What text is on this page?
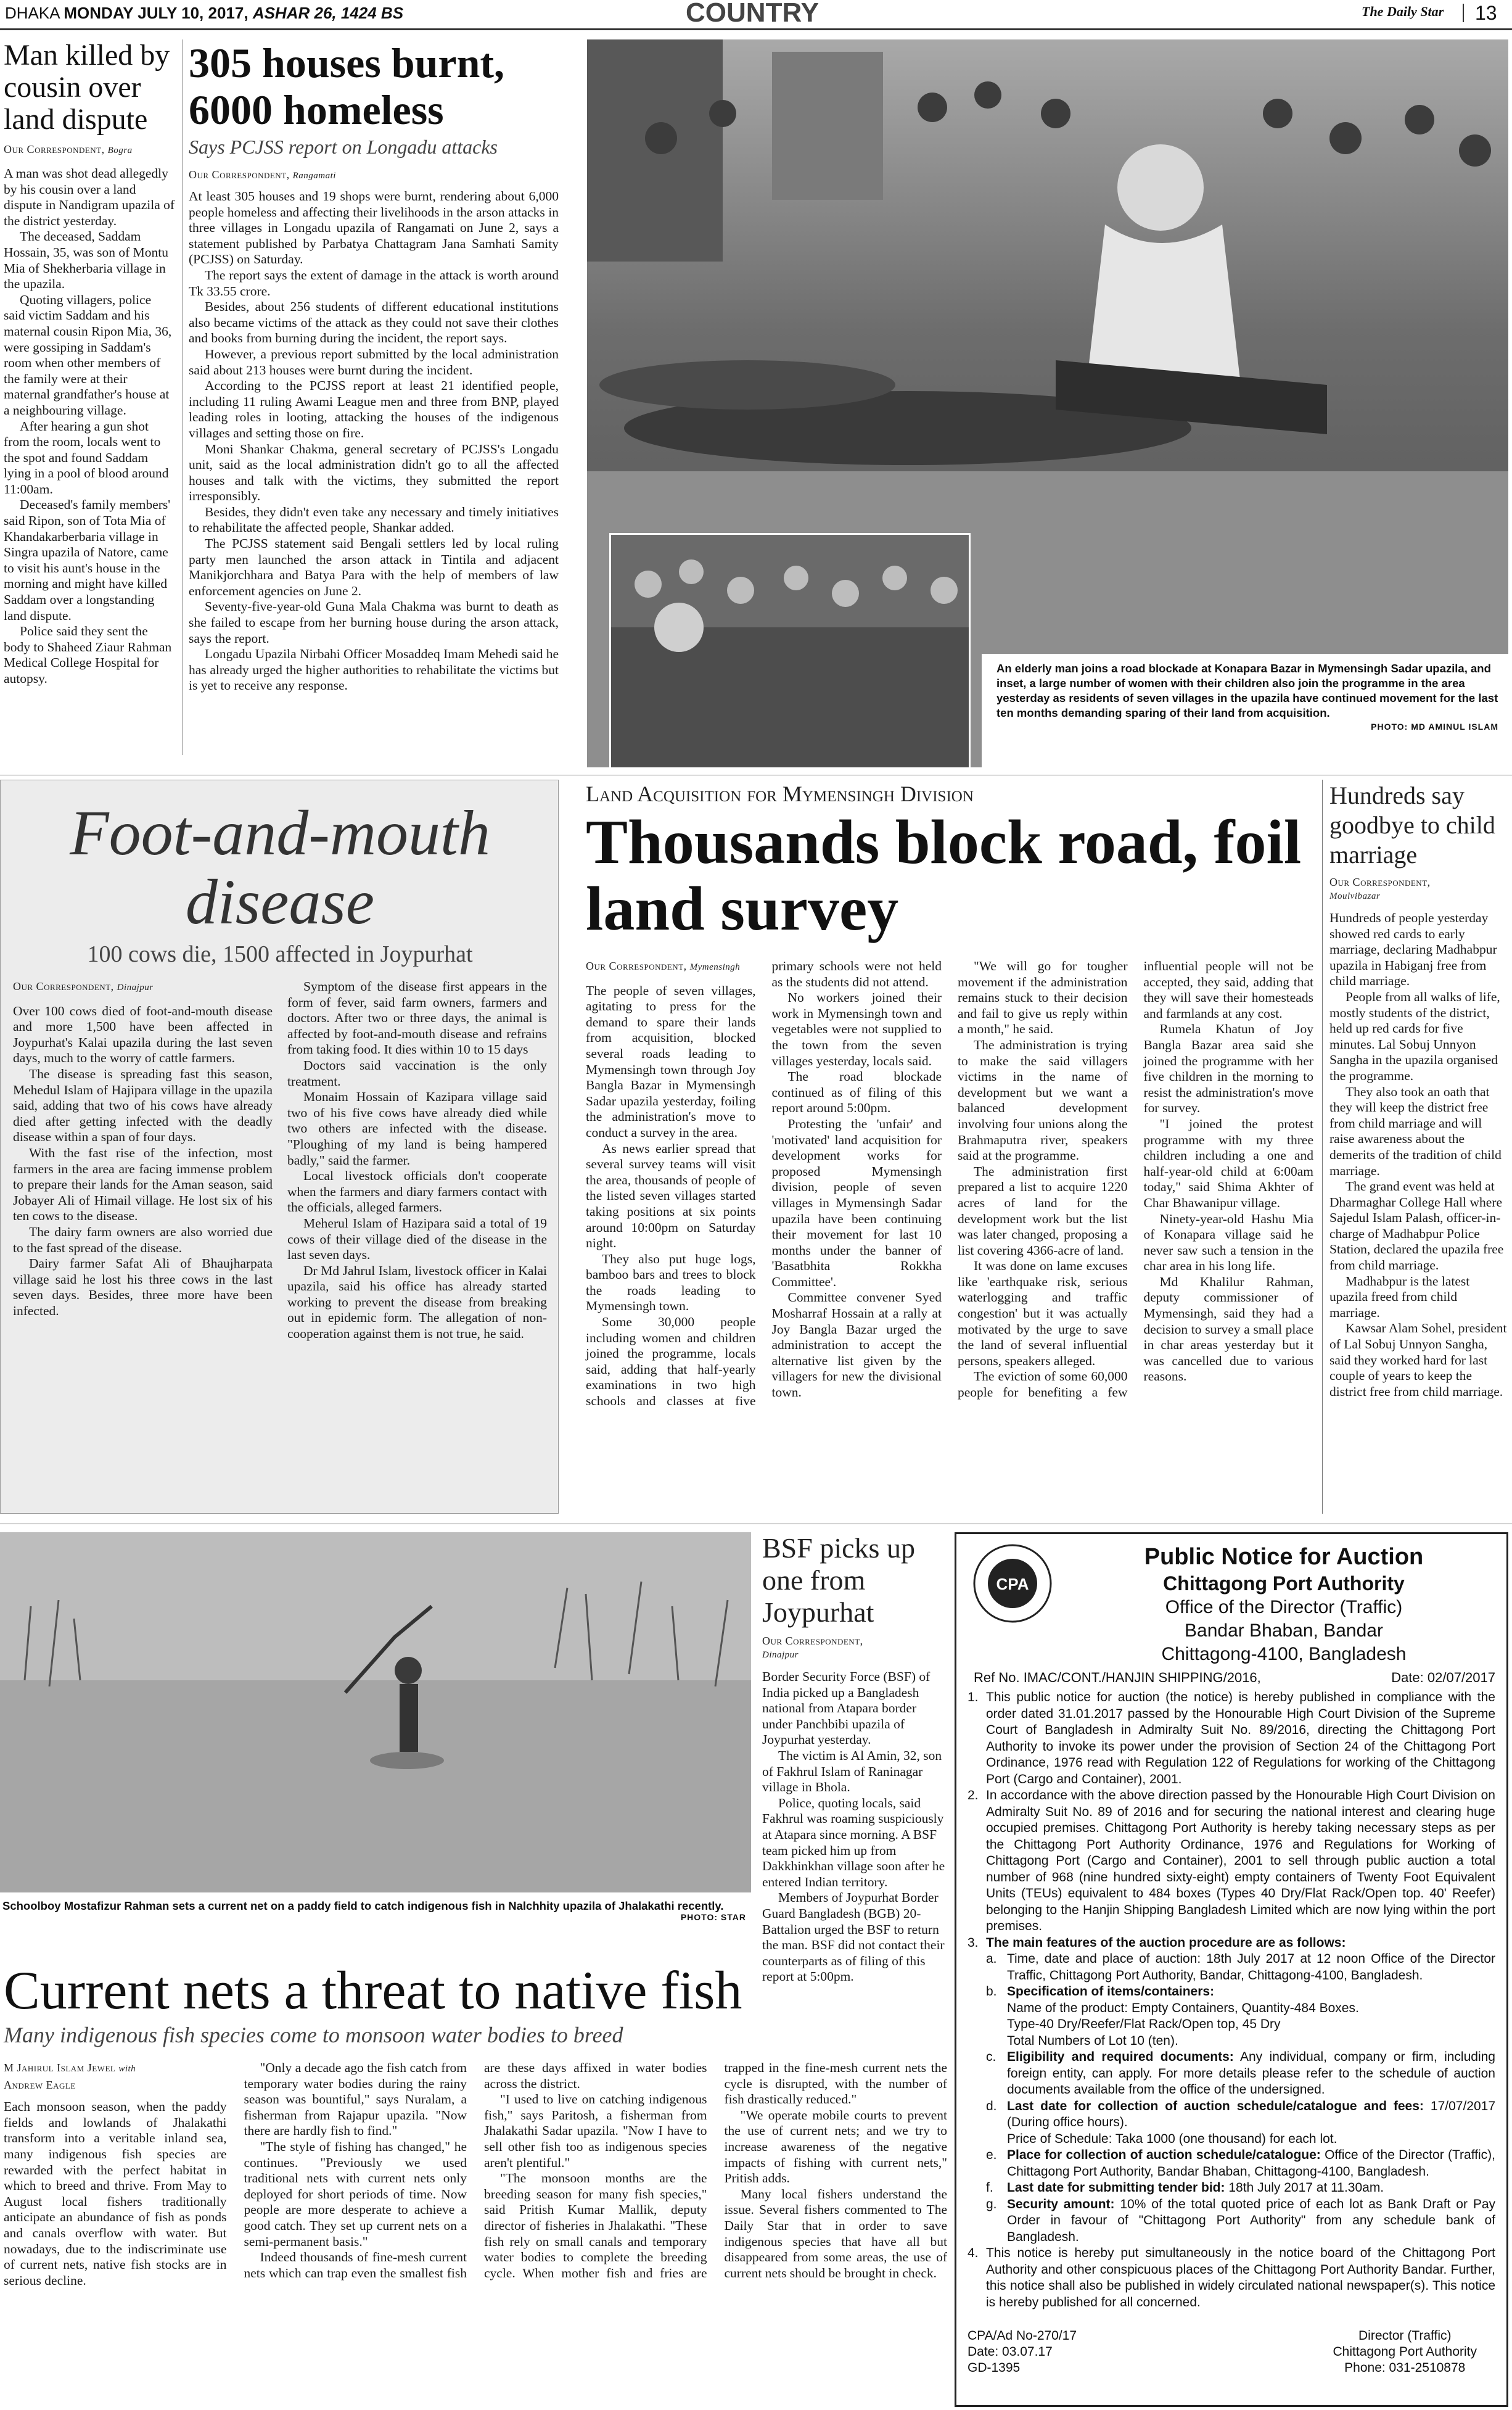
DHAKA MONDAY JULY 10, 2017, ASHAR 26, 1424 BS	COUNTRY	The Daily Star 13
Man killed by cousin over land dispute
Our Correspondent, Bogra

A man was shot dead allegedly by his cousin over a land dispute in Nandigram upazila of the district yesterday.

The deceased, Saddam Hossain, 35, was son of Montu Mia of Shekherbaria village in the upazila.

Quoting villagers, police said victim Saddam and his maternal cousin Ripon Mia, 36, were gossiping in Saddam's room when other members of the family were at their maternal grandfather's house at a neighbouring village.

After hearing a gun shot from the room, locals went to the spot and found Saddam lying in a pool of blood around 11:00am.

Deceased's family members' said Ripon, son of Tota Mia of Khandakarberbaria village in Singra upazila of Natore, came to visit his aunt's house in the morning and might have killed Saddam over a longstanding land dispute.

Police said they sent the body to Shaheed Ziaur Rahman Medical College Hospital for autopsy.

305 houses burnt, 6000 homeless
Says PCJSS report on Longadu attacks
Our Correspondent, Rangamati

At least 305 houses and 19 shops were burnt, rendering about 6,000 people homeless and affecting their livelihoods in the arson attacks in three villages in Longadu upazila of Rangamati on June 2, says a statement published by Parbatya Chattagram Jana Samhati Samity (PCJSS) on Saturday.

The report says the extent of damage in the attack is worth around Tk 33.55 crore.

Besides, about 256 students of different educational institutions also became victims of the attack as they could not save their clothes and books from burning during the incident, the report says.

However, a previous report submitted by the local administration said about 213 houses were burnt during the incident.

According to the PCJSS report at least 21 identified people, including 11 ruling Awami League men and three from BNP, played leading roles in looting, attacking the houses of the indigenous villages and setting those on fire.

Moni Shankar Chakma, general secretary of PCJSS's Longadu unit, said as the local administration didn't go to all the affected houses and talk with the victims, they submitted the report irresponsibly.

Besides, they didn't even take any necessary and timely initiatives to rehabilitate the affected people, Shankar added.

The PCJSS statement said Bengali settlers led by local ruling party men launched the arson attack in Tintila and adjacent Manikjorchhara and Batya Para with the help of members of law enforcement agencies on June 2.

Seventy-five-year-old Guna Mala Chakma was burnt to death as she failed to escape from her burning house during the arson attack, says the report.

Longadu Upazila Nirbahi Officer Mosaddeq Imam Mehedi said he has already urged the higher authorities to rehabilitate the victims but is yet to receive any response.

An elderly man joins a road blockade at Konapara Bazar in Mymensingh Sadar upazila, and inset, a large number of women with their children also join the programme in the area yesterday as residents of seven villages in the upazila have continued movement for the last ten months demanding sparing of their land from acquisition.
PHOTO: MD AMINUL ISLAM
Foot-and-mouth
disease
100 cows die, 1500 affected in Joypurhat
Our Correspondent, Dinajpur

Over 100 cows died of foot-and-mouth disease and more 1,500 have been affected in Joypurhat's Kalai upazila during the last seven days, much to the worry of cattle farmers.

The disease is spreading fast this season, Mehedul Islam of Hajipara village in the upazila said, adding that two of his cows have already died after getting infected with the deadly disease within a span of four days.

With the fast rise of the infection, most farmers in the area are facing immense problem to prepare their lands for the Aman season, said Jobayer Ali of Himail village. He lost six of his ten cows to the disease.

The dairy farm owners are also worried due to the fast spread of the disease.

Dairy farmer Safat Ali of Bhaujharpata village said he lost his three cows in the last seven days. Besides, three more have been infected.

Symptom of the disease first appears in the form of fever, said farm owners, farmers and doctors. After two or three days, the animal is affected by foot-and-mouth disease and refrains from taking food. It dies within 10 to 15 days

Doctors said vaccination is the only treatment.

Monaim Hossain of Kazipara village said two of his five cows have already died while two others are infected with the disease. "Ploughing of my land is being hampered badly," said the farmer.

Local livestock officials don't cooperate when the farmers and diary farmers contact with the officials, alleged farmers.

Meherul Islam of Hazipara said a total of 19 cows of their village died of the disease in the last seven days.

Dr Md Jahrul Islam, livestock officer in Kalai upazila, said his office has already started working to prevent the disease from breaking out in epidemic form. The allegation of non-cooperation against them is not true, he said.

Land Acquisition for Mymensingh Division
Thousands block road, foil land survey
Our Correspondent, Mymensingh

The people of seven villages, agitating to press for the demand to spare their lands from acquisition, blocked several roads leading to Mymensingh town through Joy Bangla Bazar in Mymensingh Sadar upazila yesterday, foiling the administration's move to conduct a survey in the area.

As news earlier spread that several survey teams will visit the area, thousands of people of the listed seven villages started taking positions at six points around 10:00pm on Saturday night.

They also put huge logs, bamboo bars and trees to block the roads leading to Mymensingh town.

Some 30,000 people including women and children joined the programme, locals said, adding that half-yearly examinations in two high schools and classes at five primary schools were not held as the students did not attend.

No workers joined their work in Mymensingh town and vegetables were not supplied to the town from the seven villages yesterday, locals said.

The road blockade continued as of filing of this report around 5:00pm.

Protesting the 'unfair' and 'motivated' land acquisition for development works for proposed Mymensingh division, people of seven villages in Mymensingh Sadar upazila have been continuing their movement for last 10 months under the banner of 'Basatbhita Rokkha Committee'.

Committee convener Syed Mosharraf Hossain at a rally at Joy Bangla Bazar urged the administration to accept the alternative list given by the villagers for new the divisional town.

"We will go for tougher movement if the administration remains stuck to their decision and fail to give us reply within a month," he said.

The administration is trying to make the said villagers victims in the name of development but we want a balanced development involving four unions along the Brahmaputra river, speakers said at the programme.

The administration first prepared a list to acquire 1220 acres of land for the development work but the list was later changed, proposing a list covering 4366-acre of land.

It was done on lame excuses like 'earthquake risk, serious waterlogging and traffic congestion' but it was actually motivated by the urge to save the land of several influential persons, speakers alleged.

The eviction of some 60,000 people for benefiting a few influential people will not be accepted, they said, adding that they will save their homesteads and farmlands at any cost.

Rumela Khatun of Joy Bangla Bazar area said she joined the programme with her five children in the morning to resist the administration's move for survey.

"I joined the protest programme with my three children including a one and half-year-old child at 6:00am today," said Shima Akhter of Char Bhawanipur village.

Ninety-year-old Hashu Mia of Konapara village said he never saw such a tension in the char area in his long life.

Md Khalilur Rahman, deputy commissioner of Mymensingh, said they had a decision to survey a small place in char areas yesterday but it was cancelled due to various reasons.

Hundreds say goodbye to child marriage
Our Correspondent,
Moulvibazar

Hundreds of people yesterday showed red cards to early marriage, declaring Madhabpur upazila in Habiganj free from child marriage.

People from all walks of life, mostly students of the district, held up red cards for five minutes. Lal Sobuj Unnyon Sangha in the upazila organised the programme.

They also took an oath that they will keep the district free from child marriage and will raise awareness about the demerits of the tradition of child marriage.

The grand event was held at Dharmaghar College Hall where Sajedul Islam Palash, officer-in-charge of Madhabpur Police Station, declared the upazila free from child marriage.

Madhabpur is the latest upazila freed from child marriage.

Kawsar Alam Sohel, president of Lal Sobuj Unnyon Sangha, said they worked hard for last couple of years to keep the district free from child marriage.

Schoolboy Mostafizur Rahman sets a current net on a paddy field to catch indigenous fish in Nalchhity upazila of Jhalakathi recently.
PHOTO: STAR
BSF picks up one from Joypurhat
Our Correspondent,
Dinajpur

Border Security Force (BSF) of India picked up a Bangladesh national from Atapara border under Panchbibi upazila of Joypurhat yesterday.

The victim is Al Amin, 32, son of Fakhrul Islam of Raninagar village in Bhola.

Police, quoting locals, said Fakhrul was roaming suspiciously at Atapara since morning. A BSF team picked him up from Dakkhinkhan village soon after he entered Indian territory.

Members of Joypurhat Border Guard Bangladesh (BGB) 20- Battalion urged the BSF to return the man. BSF did not contact their counterparts as of filing of this report at 5:00pm.

Current nets a threat to native fish
Many indigenous fish species come to monsoon water bodies to breed
M Jahirul Islam Jewel with
Andrew Eagle

Each monsoon season, when the paddy fields and lowlands of Jhalakathi transform into a veritable inland sea, many indigenous fish species are rewarded with the perfect habitat in which to breed and thrive. From May to August local fishers traditionally anticipate an abundance of fish as ponds and canals overflow with water. But nowadays, due to the indiscriminate use of current nets, native fish stocks are in serious decline.

"Only a decade ago the fish catch from temporary water bodies during the rainy season was bountiful," says Nuralam, a fisherman from Rajapur upazila. "Now there are hardly fish to find."

"The style of fishing has changed," he continues. "Previously we used traditional nets with current nets only deployed for short periods of time. Now people are more desperate to achieve a good catch. They set up current nets on a semi-permanent basis."

Indeed thousands of fine-mesh current nets which can trap even the smallest fish are these days affixed in water bodies across the district.

"I used to live on catching indigenous fish," says Paritosh, a fisherman from Jhalakathi Sadar upazila. "Now I have to sell other fish too as indigenous species aren't plentiful."

"The monsoon months are the breeding season for many fish species," said Pritish Kumar Mallik, deputy director of fisheries in Jhalakathi. "These fish rely on small canals and temporary water bodies to complete the breeding cycle. When mother fish and fries are trapped in the fine-mesh current nets the cycle is disrupted, with the number of fish drastically reduced."

"We operate mobile courts to prevent the use of current nets; and we try to increase awareness of the negative impacts of fishing with current nets," Pritish adds.

Many local fishers understand the issue. Several fishers commented to The Daily Star that in order to save indigenous species that have all but disappeared from some areas, the use of current nets should be brought in check.

CPA
Public Notice for Auction
Chittagong Port Authority
Office of the Director (Traffic)
Bandar Bhaban, Bandar
Chittagong-4100, Bangladesh
Ref No. IMAC/CONT./HANJIN SHIPPING/2016,	Date: 02/07/2017
1. This public notice for auction (the notice) is hereby published in compliance with the order dated 31.01.2017 passed by the Honourable High Court Division of the Supreme Court of Bangladesh in Admiralty Suit No. 89/2016, directing the Chittagong Port Authority to invoke its power under the provision of Section 24 of the Chittagong Port Ordinance, 1976 read with Regulation 122 of Regulations for working of the Chittagong Port (Cargo and Container), 2001.
2. In accordance with the above direction passed by the Honourable High Court Division on Admiralty Suit No. 89 of 2016 and for securing the national interest and clearing huge occupied premises. Chittagong Port Authority is hereby taking necessary steps as per the Chittagong Port Authority Ordinance, 1976 and Regulations for Working of Chittagong Port (Cargo and Container), 2001 to sell through public auction a total number of 968 (nine hundred sixty-eight) empty containers of Twenty Foot Equivalent Units (TEUs) equivalent to 484 boxes (Types 40 Dry/Flat Rack/Open top. 40' Reefer) belonging to the Hanjin Shipping Bangladesh Limited which are now lying within the port premises.
3. The main features of the auction procedure are as follows:
a. Time, date and place of auction: 18th July 2017 at 12 noon Office of the Director Traffic, Chittagong Port Authority, Bandar, Chittagong-4100, Bangladesh.
b. Specification of items/containers:
Name of the product: Empty Containers, Quantity-484 Boxes.
Type-40 Dry/Reefer/Flat Rack/Open top, 45 Dry
Total Numbers of Lot 10 (ten).
c. Eligibility and required documents: Any individual, company or firm, including foreign entity, can apply. For more details please refer to the schedule of auction documents available from the office of the undersigned.
d. Last date for collection of auction schedule/catalogue and fees: 17/07/2017 (During office hours).
Price of Schedule: Taka 1000 (one thousand) for each lot.
e. Place for collection of auction schedule/catalogue: Office of the Director (Traffic), Chittagong Port Authority, Bandar Bhaban, Chittagong-4100, Bangladesh.
f.	Last date for submitting tender bid: 18th July 2017 at 11.30am.
g. Security amount: 10% of the total quoted price of each lot as Bank Draft or Pay Order in favour of "Chittagong Port Authority" from any schedule bank of Bangladesh.
4. This notice is hereby put simultaneously in the notice board of the Chittagong Port Authority and other conspicuous places of the Chittagong Port Authority Bandar. Further, this notice shall also be published in widely circulated national newspaper(s). This notice is hereby published for all concerned.
CPA/Ad No-270/17
Date: 03.07.17
GD-1395
Director (Traffic)
Chittagong Port Authority
Phone: 031-2510878
